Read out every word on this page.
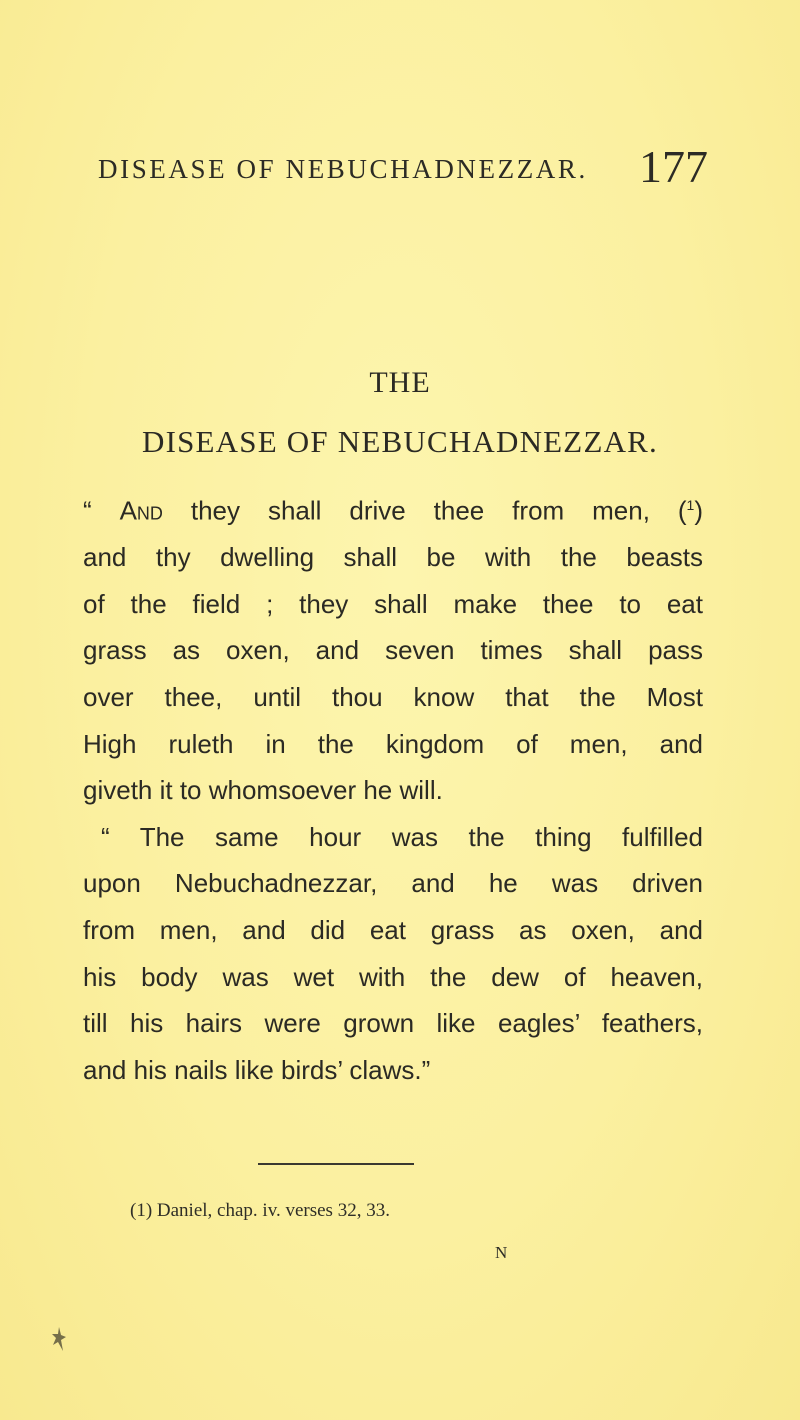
DISEASE OF NEBUCHADNEZZAR. 177
THE
DISEASE OF NEBUCHADNEZZAR.
“ And they shall drive thee from men, ($^1$)
and thy dwelling shall be with the beasts
of the field ; they shall make thee to eat
grass as oxen, and seven times shall pass
over thee, until thou know that the Most
High ruleth in the kingdom of men, and
giveth it to whomsoever he will.
“ The same hour was the thing fulfilled
upon Nebuchadnezzar, and he was driven
from men, and did eat grass as oxen, and
his body was wet with the dew of heaven,
till his hairs were grown like eagles’ feathers,
and his nails like birds’ claws.”
(1) Daniel, chap. iv. verses 32, 33.
N
